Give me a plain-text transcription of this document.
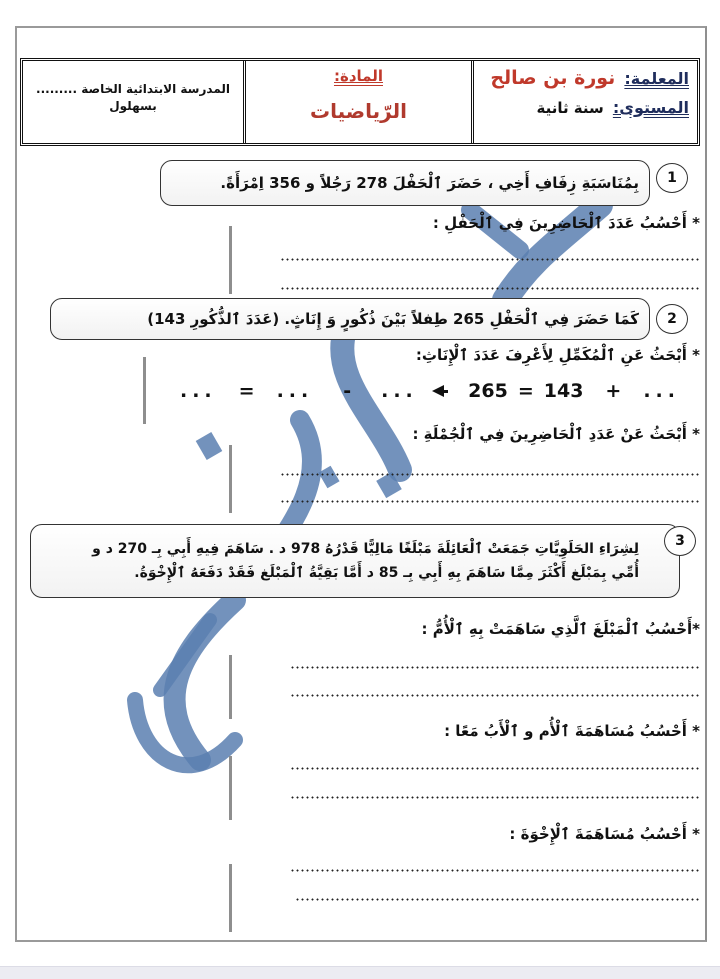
المعلمة: نورة بن صالح
المستوى: سنة ثانية
المادة:
الرّياضيات
المدرسة الابتدائية الخاصة .........
بسهلول
بِمُنَاسَبَةِ زِفَافِ أَخِي ، حَضَرَ ٱلْحَفْلَ 278 رَجُلاً و 356 اِمْرَأَةً.	1
* أَحْسُبُ عَدَدَ ٱلْحَاضِرِينَ فِي ٱلْحَفْلِ :
كَمَا حَضَرَ فِي ٱلْحَفْلِ 265 طِفلاً بَيْنَ ذُكُورٍ وَ إِنَاثٍ. (عَدَدَ ٱلذُّكُورِ 143)	2
* أَبْحَثُ عَنِ ٱلْمُكَمِّلِ لِأَعْرِفَ عَدَدَ ٱلْإِنَاثِ:
... = ... - ...	265 = 143 + ...
* أَبْحَثُ عَنْ عَدَدِ ٱلْحَاضِرِينَ فِي ٱلْجُمْلَةِ :
لِشِرَاءِ الحَلَوِيَّاتِ جَمَعَتْ ٱلْعَائِلَةَ مَبْلَغًا مَالِيًّا قَدْرُهُ 978 د . سَاهَمَ فِيهِ أَبِي بِـ 270 د و
أُمِّي بِمَبْلَغ أَكْثَرَ مِمَّا سَاهَمَ بِهِ أَبِي بِـ 85 د أَمَّا بَقِيَّةُ ٱلْمَبْلَغ فَقَدْ دَفَعَهُ ٱلْإِخْوَةُ.
3
*أَحْسُبُ ٱلْمَبْلَغَ ٱلَّذِي سَاهَمَتْ بِهِ ٱلْأُمُّ :
* أَحْسُبُ مُسَاهَمَةَ ٱلْأُم و ٱلْأَبُ مَعًا :
* أَحْسُبُ مُسَاهَمَةَ ٱلْإِخْوَةَ :
